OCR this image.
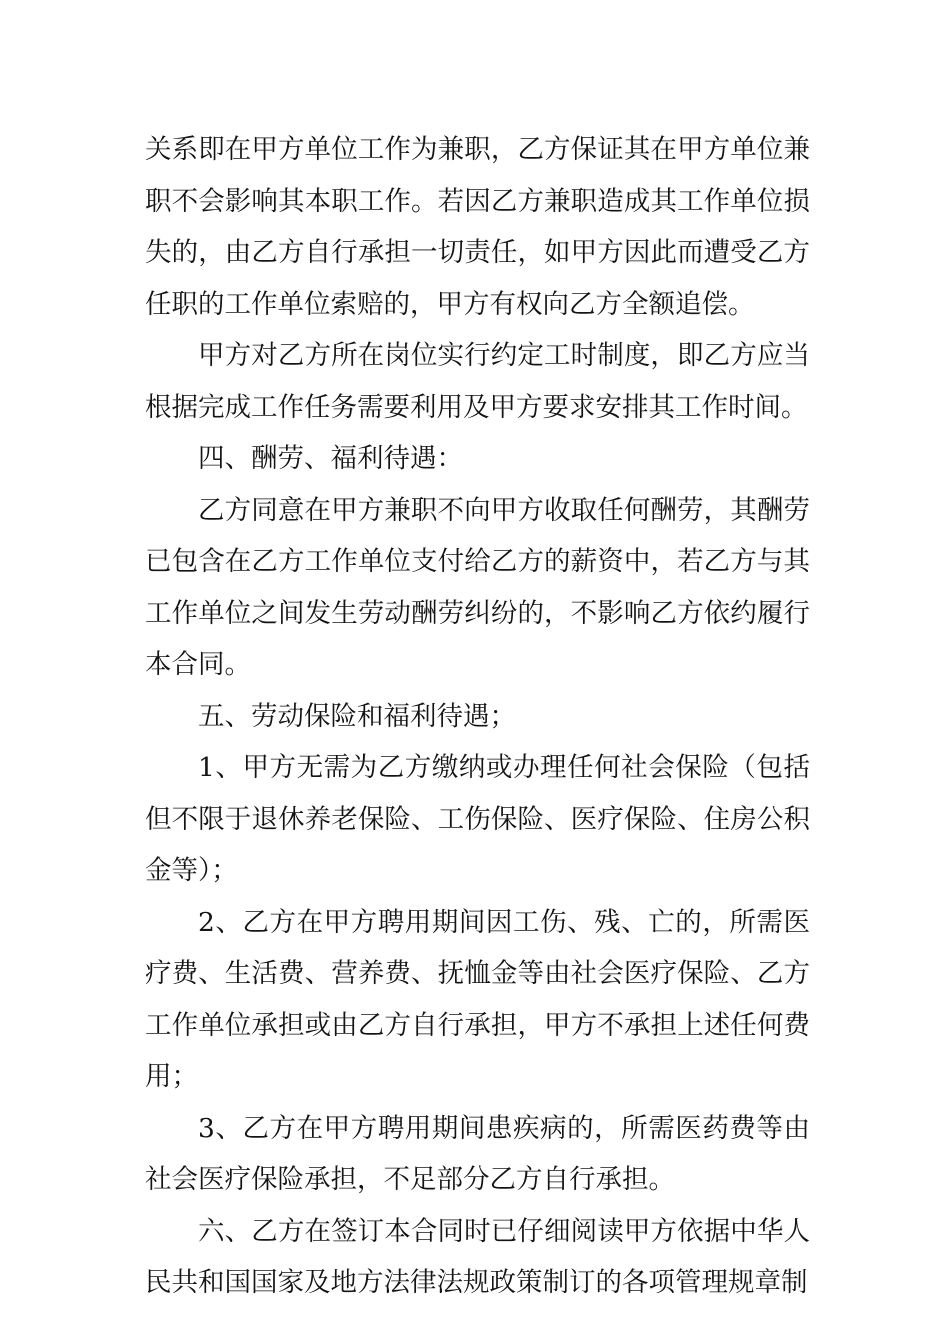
关系即在甲方单位工作为兼职，乙方保证其在甲方单位兼职不会影响其本职工作。若因乙方兼职造成其工作单位损失的，由乙方自行承担一切责任，如甲方因此而遭受乙方任职的工作单位索赔的，甲方有权向乙方全额追偿。

甲方对乙方所在岗位实行约定工时制度，即乙方应当根据完成工作任务需要利用及甲方要求安排其工作时间。

四、酬劳、福利待遇：

乙方同意在甲方兼职不向甲方收取任何酬劳，其酬劳已包含在乙方工作单位支付给乙方的薪资中，若乙方与其工作单位之间发生劳动酬劳纠纷的，不影响乙方依约履行本合同。

五、劳动保险和福利待遇；

1、甲方无需为乙方缴纳或办理任何社会保险（包括但不限于退休养老保险、工伤保险、医疗保险、住房公积金等）；

2、乙方在甲方聘用期间因工伤、残、亡的，所需医疗费、生活费、营养费、抚恤金等由社会医疗保险、乙方工作单位承担或由乙方自行承担，甲方不承担上述任何费用；

3、乙方在甲方聘用期间患疾病的，所需医药费等由社会医疗保险承担，不足部分乙方自行承担。

六、乙方在签订本合同时已仔细阅读甲方依据中华人民共和国国家及地方法律法规政策制订的各项管理规章制
